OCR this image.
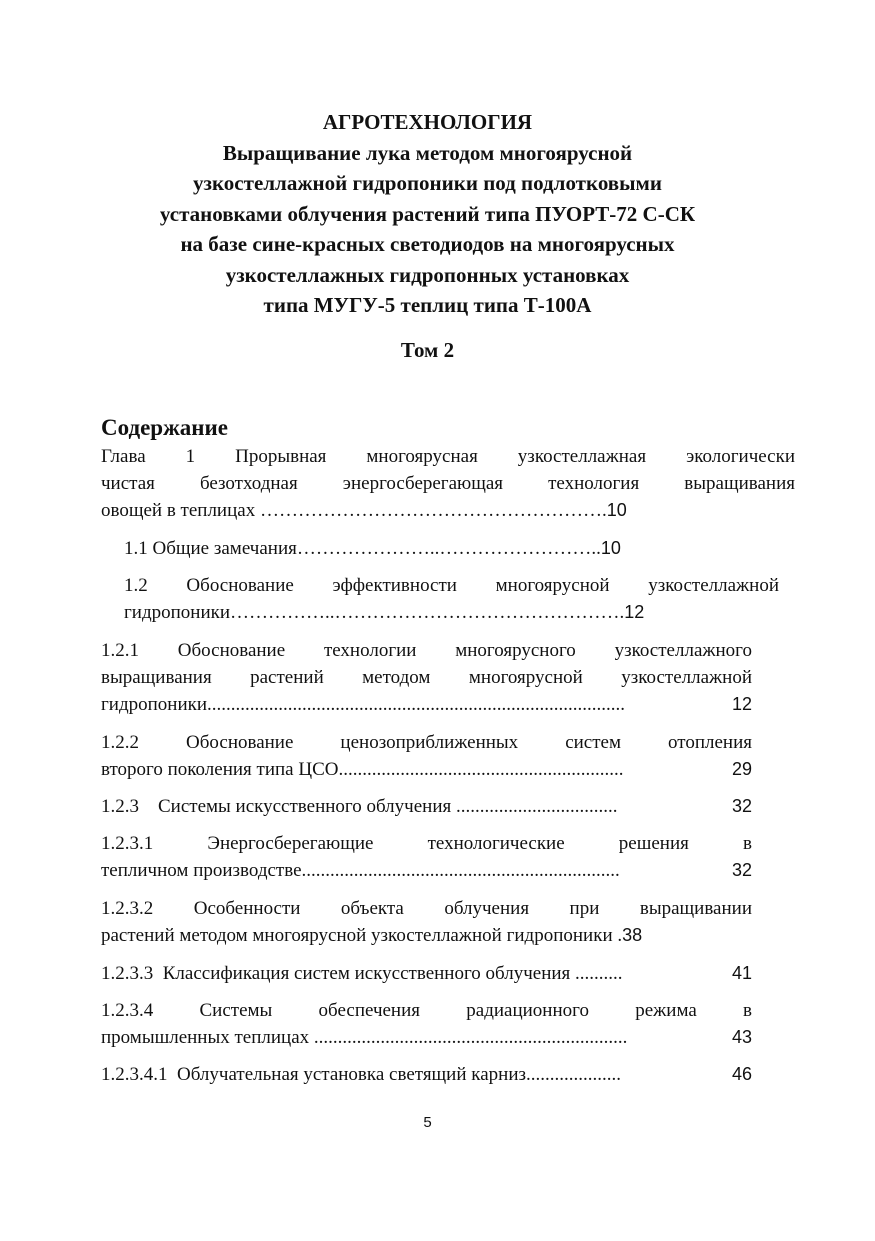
АГРОТЕХНОЛОГИЯ
Выращивание лука методом многоярусной
узкостеллажной гидропоники под подлотковыми
установками облучения растений типа ПУОРТ-72 С-СК
на базе сине-красных светодиодов на многоярусных
узкостеллажных гидропонных установках
типа МУГУ-5 теплиц типа Т-100А
Том 2
Содержание
Глава 1 Прорывная многоярусная узкостеллажная экологически
чистая безотходная энергосберегающая технология выращивания
овощей в теплицах ……………………………………………….10
1.1 Общие замечания…………………..……………………..10
1.2 Обоснование эффективности многоярусной узкостеллажной
гидропоники……………..……………………………………….12
1.2.1 Обоснование технологии многоярусного узкостеллажного
выращивания растений методом многоярусной узкостеллажной
гидропоники ........................................................................................	12
1.2.2 Обоснование ценозоприближенных систем отопления
второго поколения типа ЦСО ............................................................	29
1.2.3    Системы искусственного облучения ..................................	32
1.2.3.1 Энергосберегающие технологические решения в
тепличном производстве ...................................................................	32
1.2.3.2 Особенности объекта облучения при выращивании
растений методом многоярусной узкостеллажной гидропоники . 38
1.2.3.3  Классификация систем искусственного облучения ..........	41
1.2.3.4 Системы обеспечения радиационного режима в
промышленных теплицах ..................................................................	43
1.2.3.4.1  Облучательная установка светящий карниз ....................	46
5
